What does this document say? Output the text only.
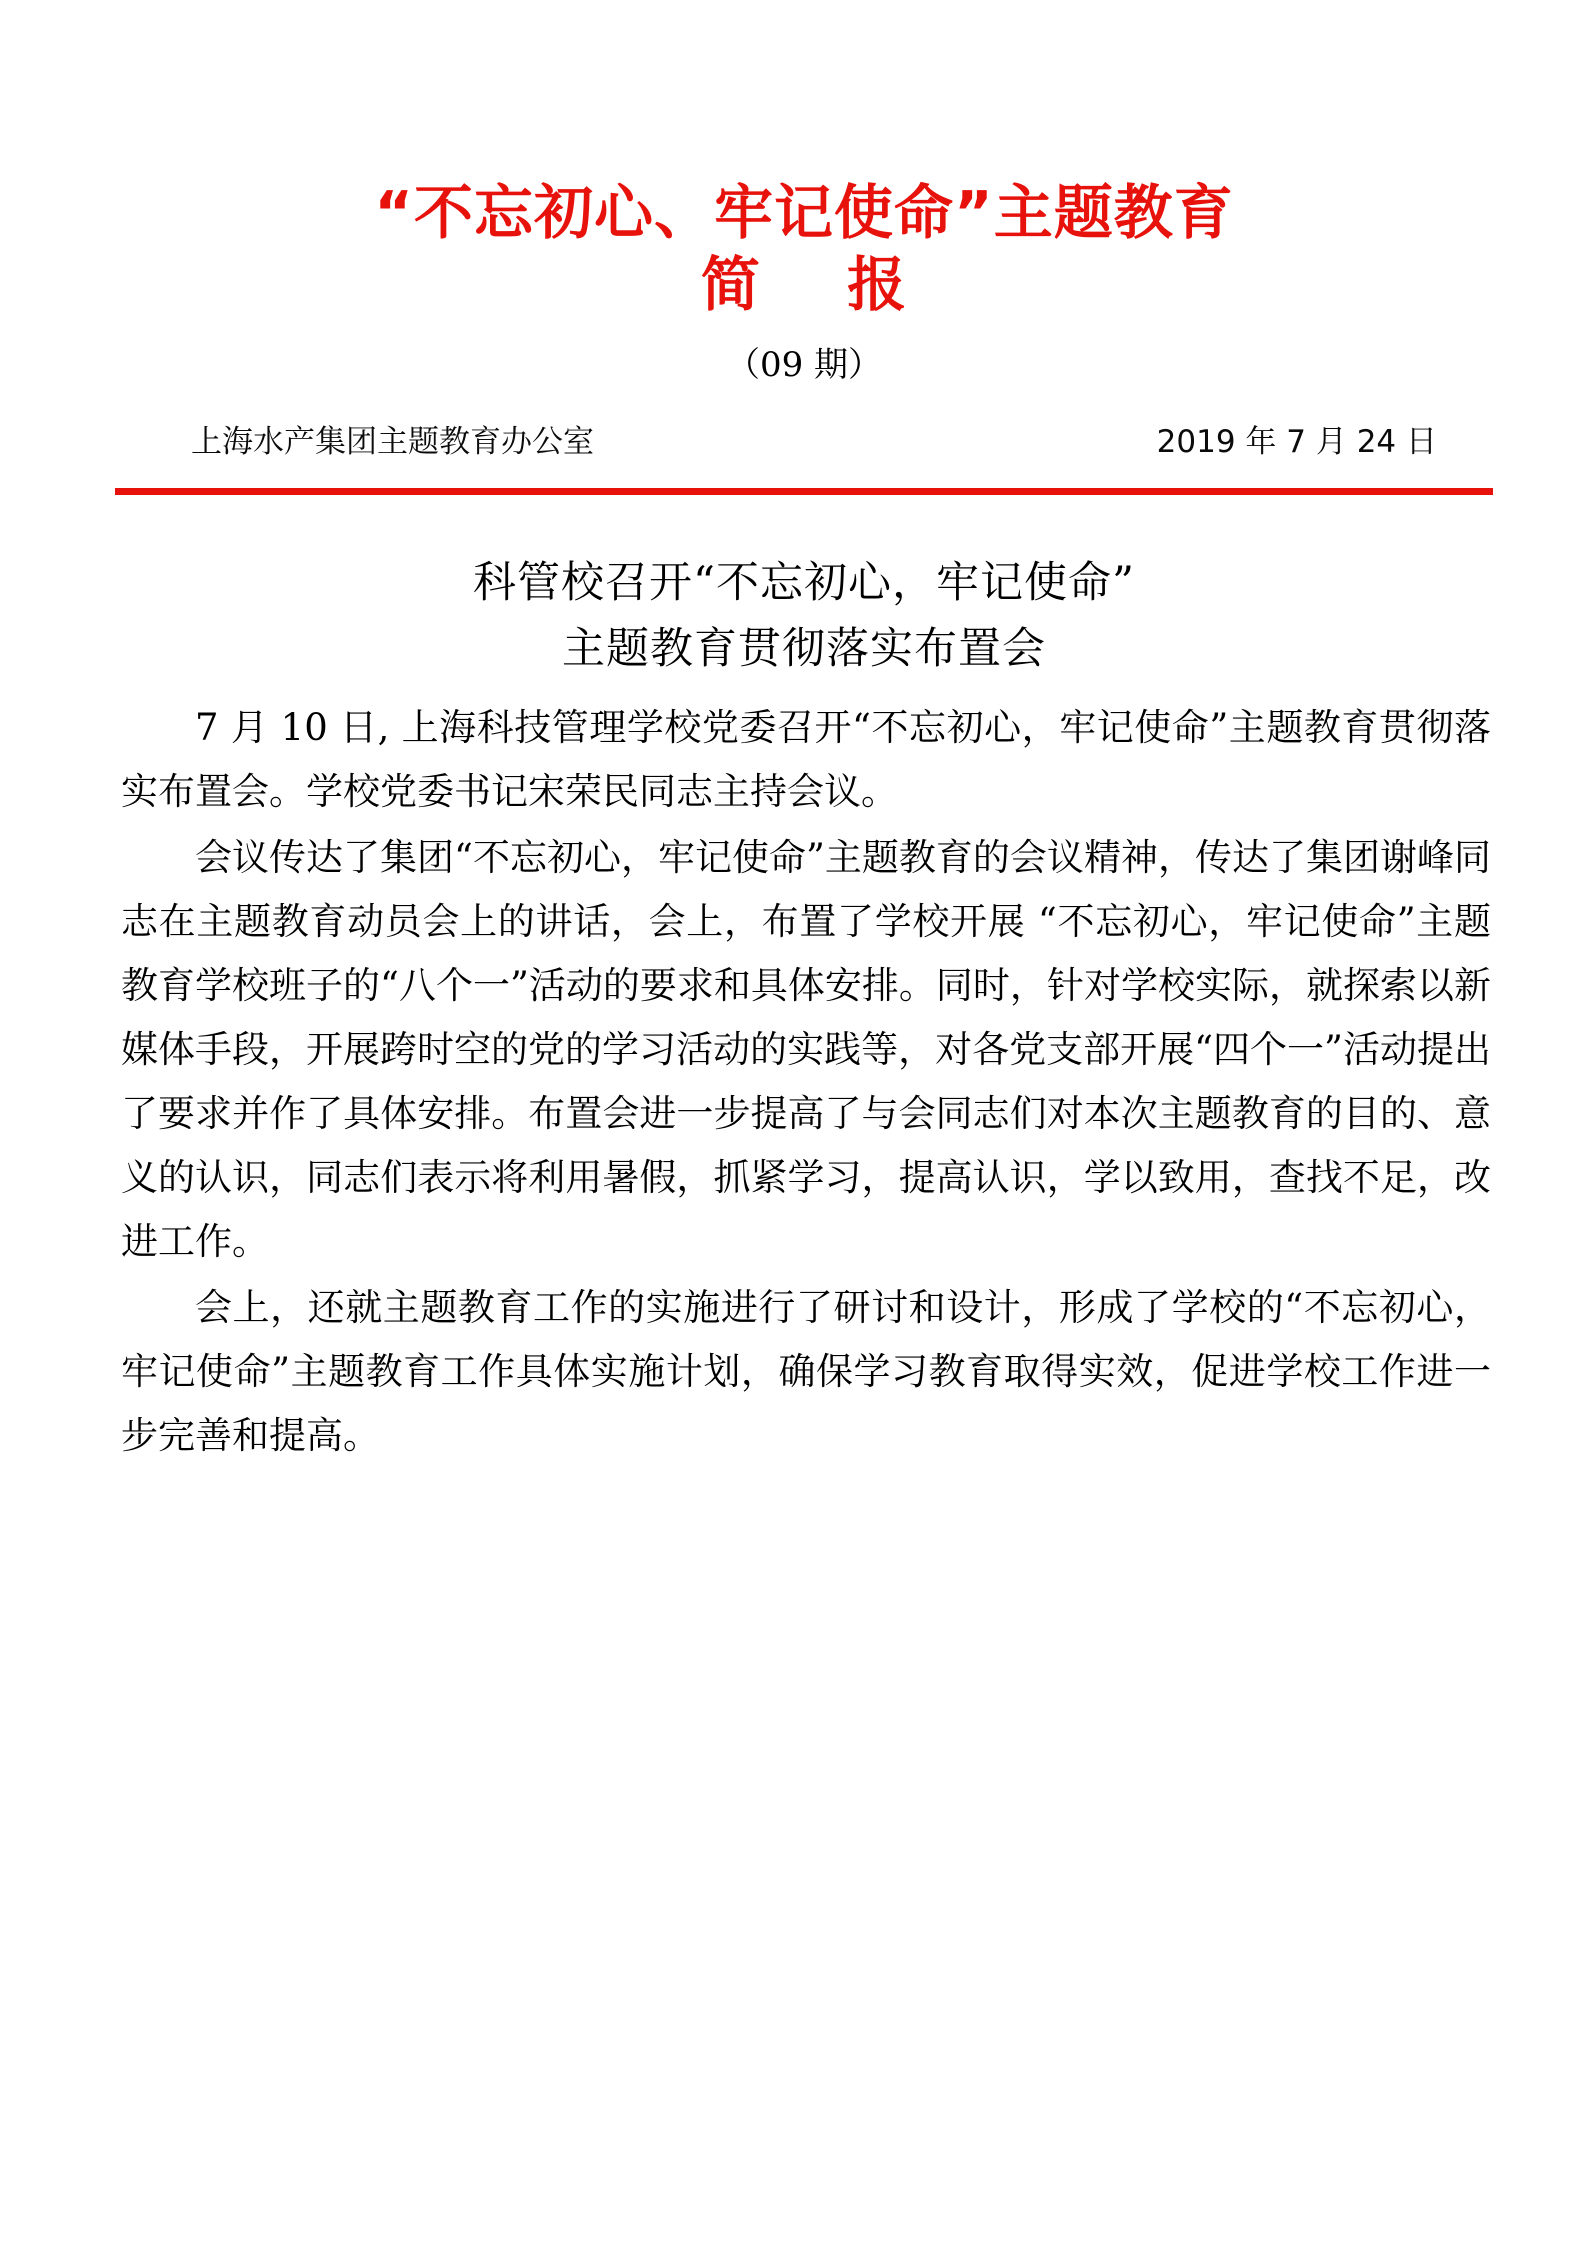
“不忘初心、牢记使命”主题教育
简    报
（09 期）
上海水产集团主题教育办公室	2019 年 7 月 24 日
科管校召开“不忘初心，牢记使命”
主题教育贯彻落实布置会

7 月 10 日, 上海科技管理学校党委召开“不忘初心，牢记使命”主题教育贯彻落实布置会。学校党委书记宋荣民同志主持会议。

会议传达了集团“不忘初心，牢记使命”主题教育的会议精神，传达了集团谢峰同志在主题教育动员会上的讲话，会上，布置了学校开展 “不忘初心，牢记使命”主题教育学校班子的“八个一”活动的要求和具体安排。同时，针对学校实际，就探索以新媒体手段，开展跨时空的党的学习活动的实践等，对各党支部开展“四个一”活动提出了要求并作了具体安排。布置会进一步提高了与会同志们对本次主题教育的目的、意义的认识，同志们表示将利用暑假，抓紧学习，提高认识，学以致用，查找不足，改进工作。

会上，还就主题教育工作的实施进行了研讨和设计，形成了学校的“不忘初心，牢记使命”主题教育工作具体实施计划，确保学习教育取得实效，促进学校工作进一步完善和提高。
